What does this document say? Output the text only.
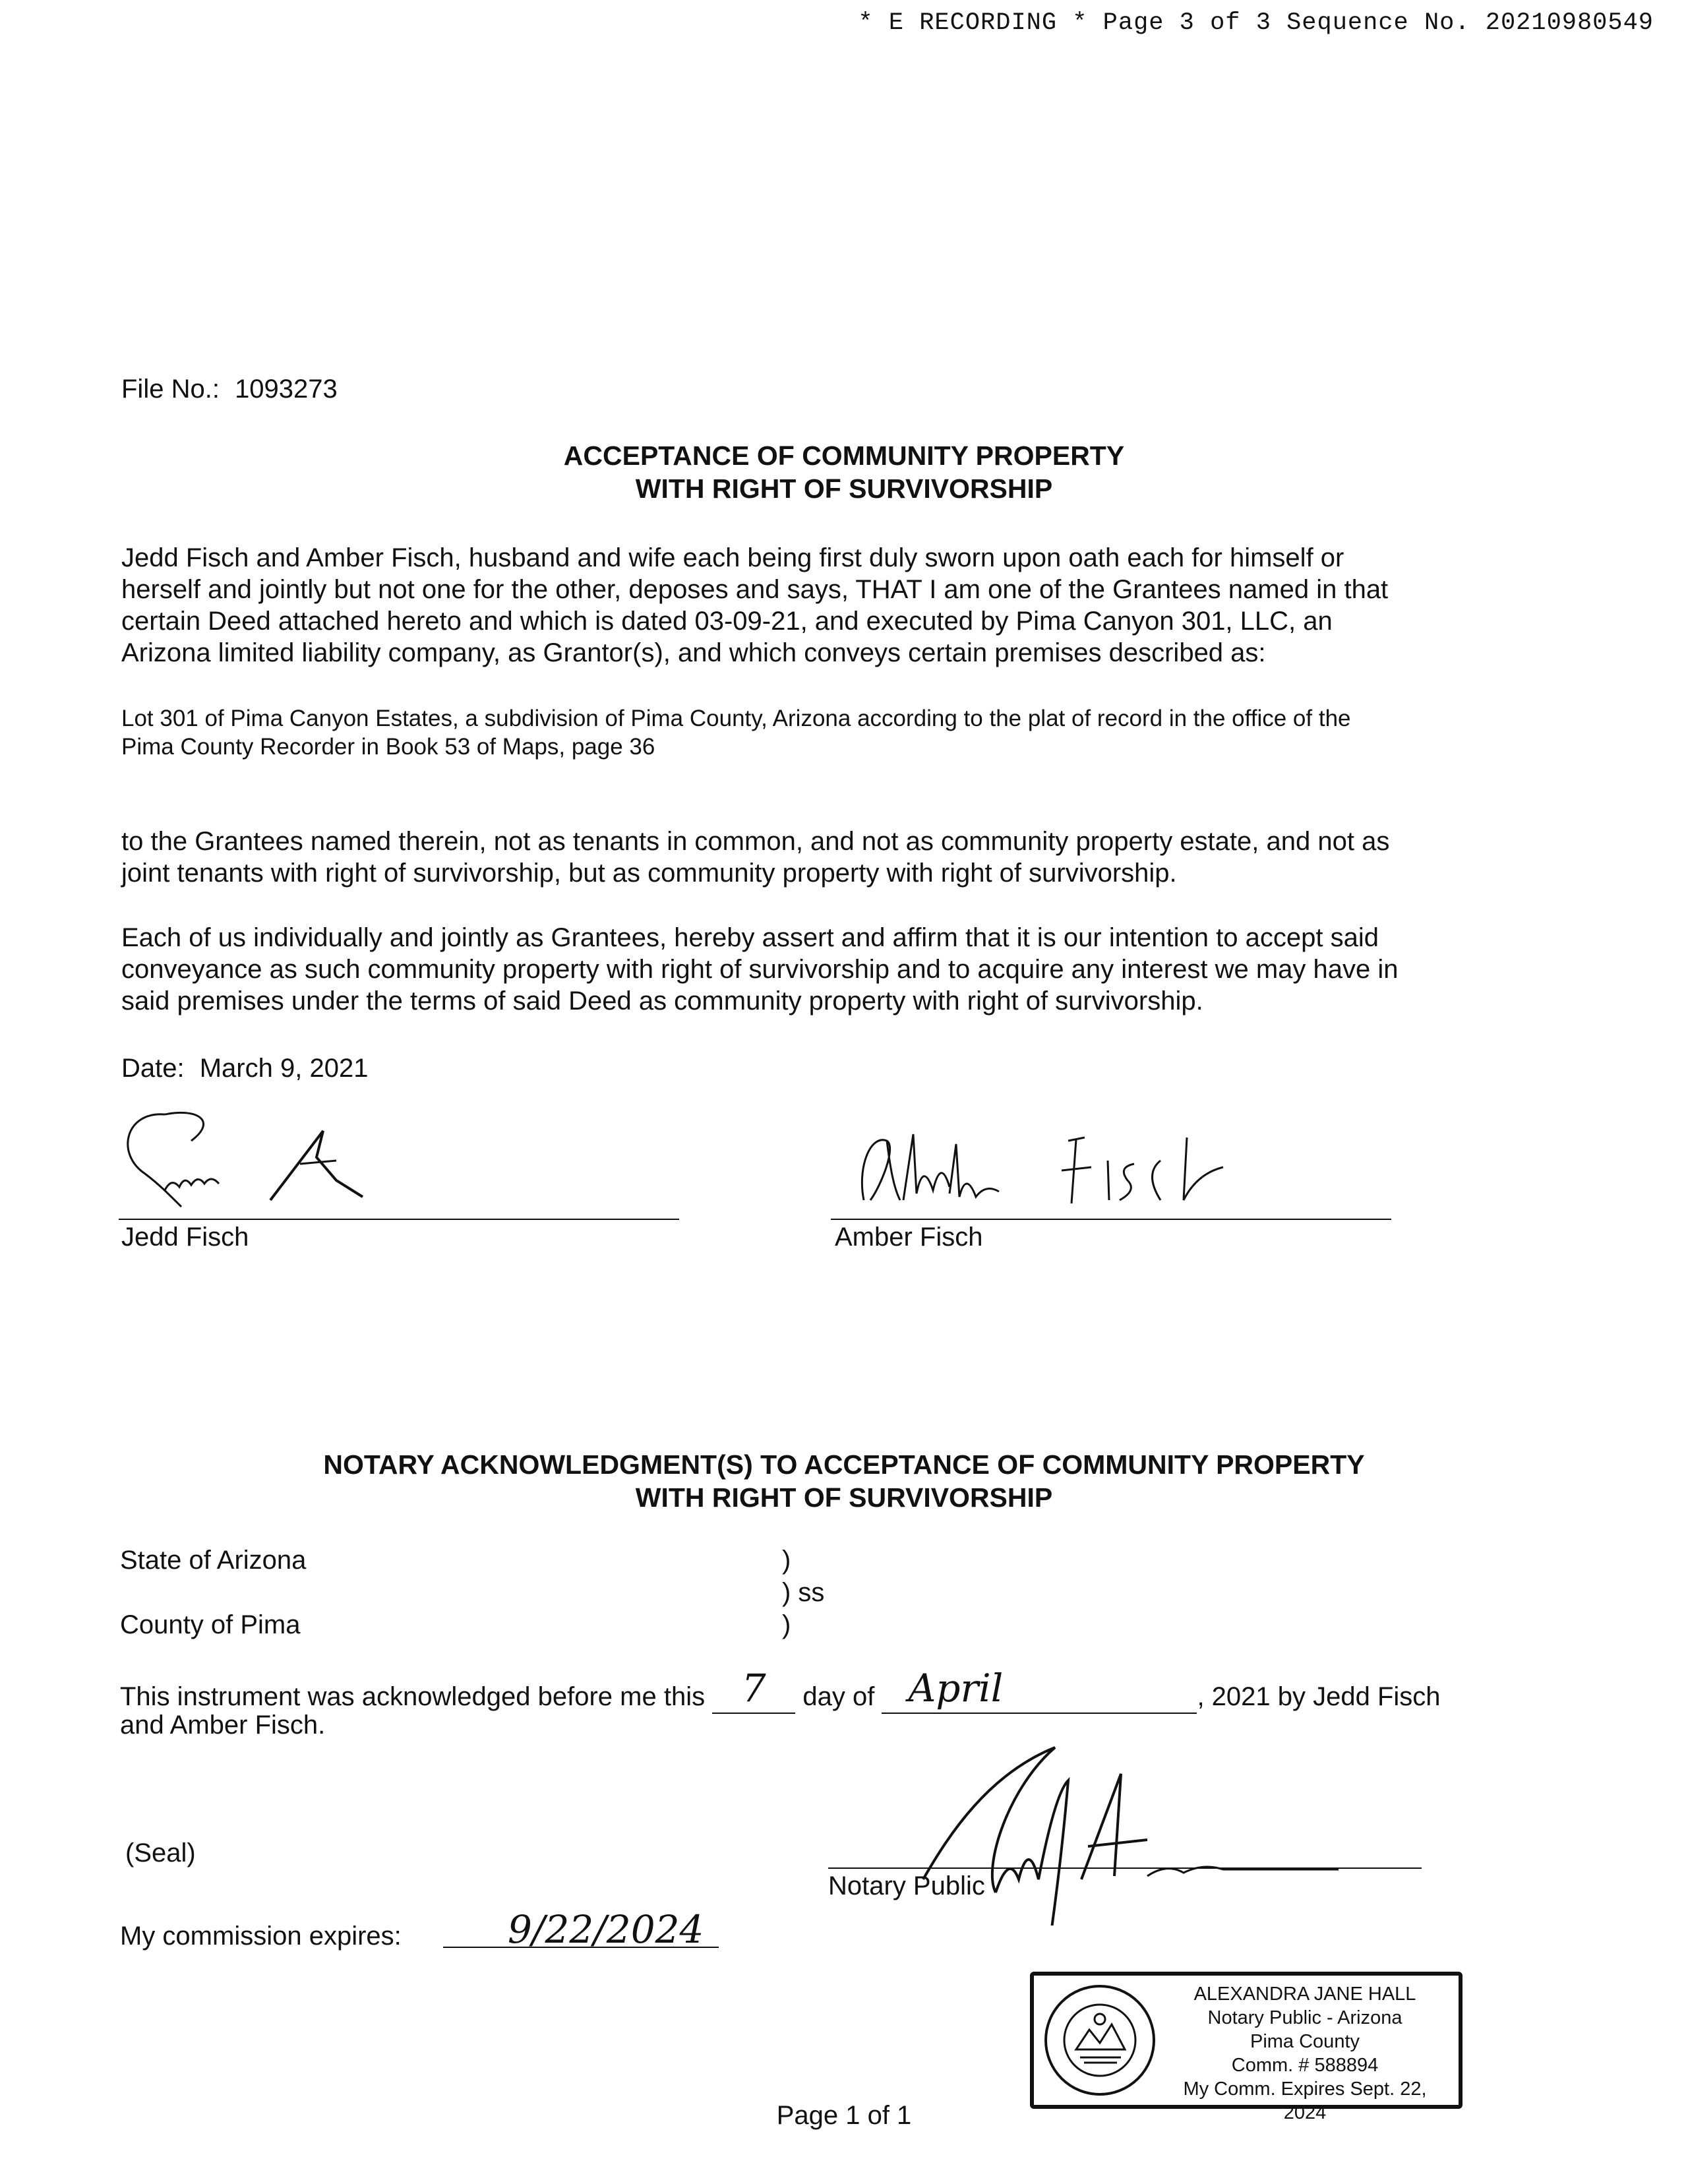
* E RECORDING * Page 3 of 3 Sequence No. 20210980549
File No.: 1093273
ACCEPTANCE OF COMMUNITY PROPERTY
WITH RIGHT OF SURVIVORSHIP
Jedd Fisch and Amber Fisch, husband and wife each being first duly sworn upon oath each for himself or
herself and jointly but not one for the other, deposes and says, THAT I am one of the Grantees named in that
certain Deed attached hereto and which is dated 03-09-21, and executed by Pima Canyon 301, LLC, an
Arizona limited liability company, as Grantor(s), and which conveys certain premises described as:
Lot 301 of Pima Canyon Estates, a subdivision of Pima County, Arizona according to the plat of record in the office of the
Pima County Recorder in Book 53 of Maps, page 36
to the Grantees named therein, not as tenants in common, and not as community property estate, and not as
joint tenants with right of survivorship, but as community property with right of survivorship.
Each of us individually and jointly as Grantees, hereby assert and affirm that it is our intention to accept said
conveyance as such community property with right of survivorship and to acquire any interest we may have in
said premises under the terms of said Deed as community property with right of survivorship.
Date: March 9, 2021
Jedd Fisch	Amber Fisch
NOTARY ACKNOWLEDGMENT(S) TO ACCEPTANCE OF COMMUNITY PROPERTY
WITH RIGHT OF SURVIVORSHIP
State of Arizona
County of Pima
)
) ss
)
This instrument was acknowledged before me this 7 day of April	, 2021 by Jedd Fisch
and Amber Fisch.
(Seal)
Notary Public
My commission expires:	9/22/2024
ALEXANDRA JANE HALL
Notary Public - Arizona
Pima County
Comm. # 588894
My Comm. Expires Sept. 22, 2024
Page 1 of 1
